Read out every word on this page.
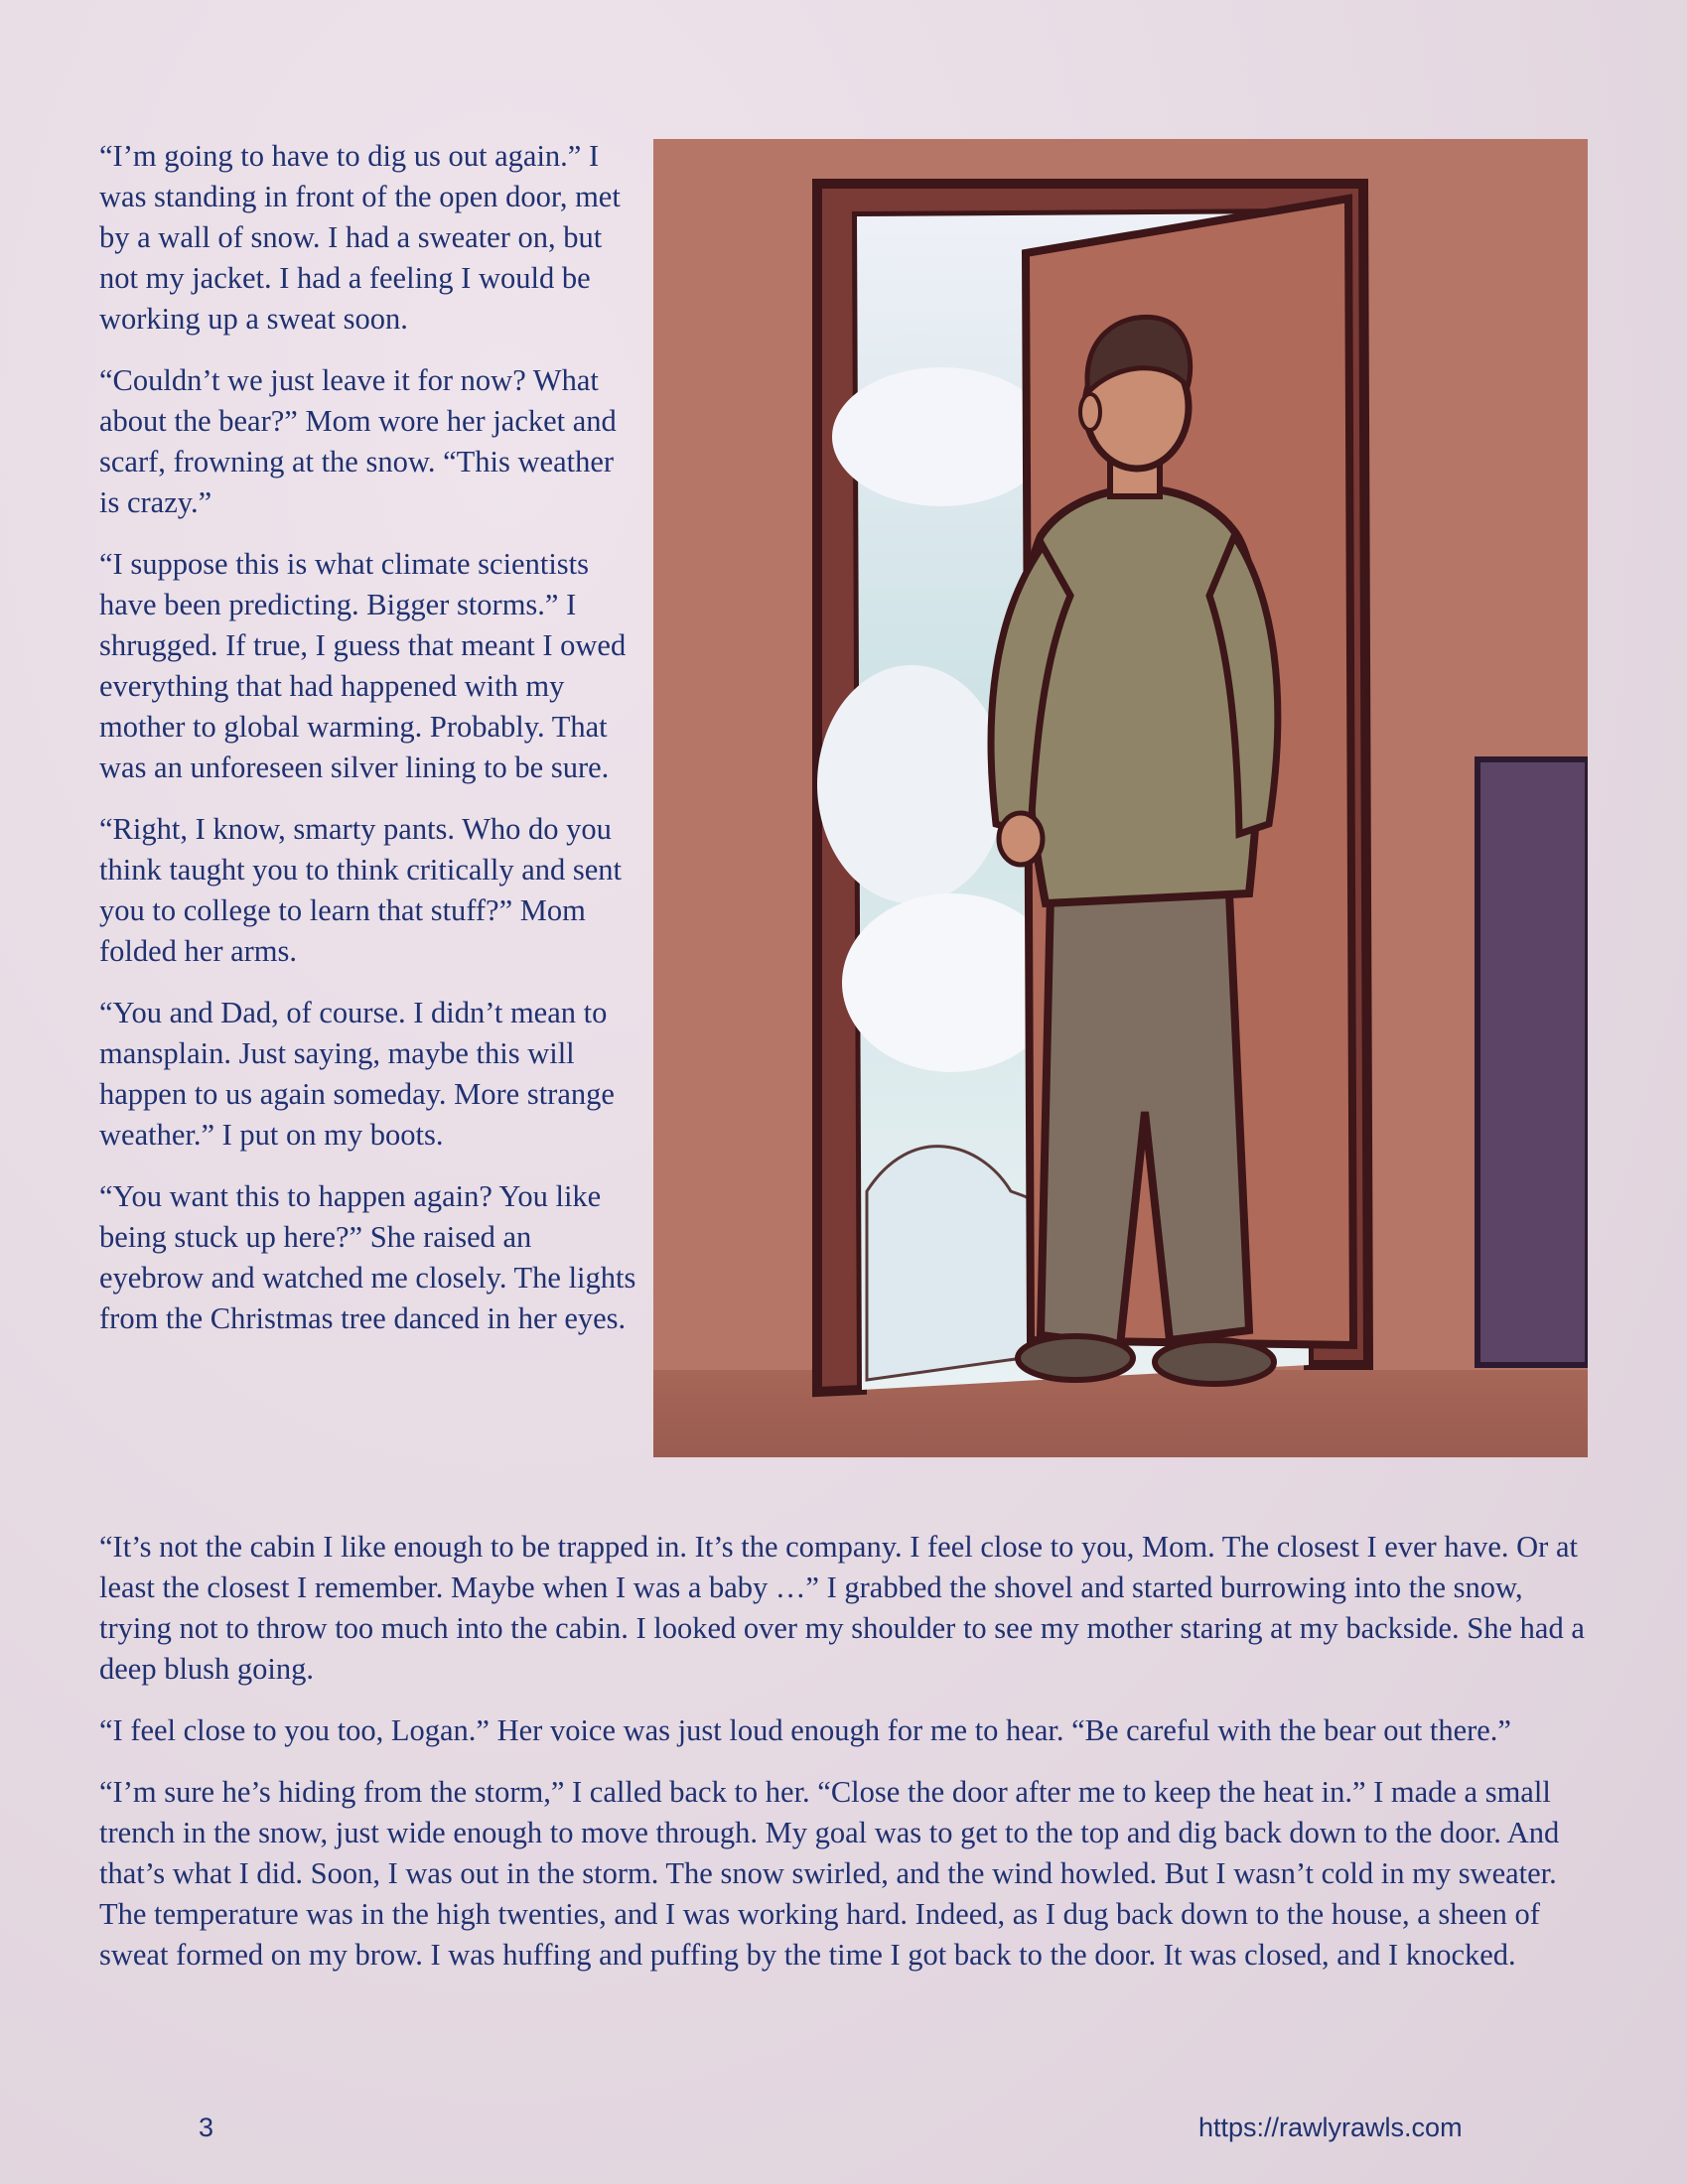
“I’m going to have to dig us out again.” I was standing in front of the open door, met by a wall of snow. I had a sweater on, but not my jacket. I had a feeling I would be working up a sweat soon.

“Couldn’t we just leave it for now? What about the bear?” Mom wore her jacket and scarf, frowning at the snow. “This weather is crazy.”

“I suppose this is what climate scientists have been predicting. Bigger storms.” I shrugged. If true, I guess that meant I owed everything that had happened with my mother to global warming. Probably. That was an unforeseen silver lining to be sure.

“Right, I know, smarty pants. Who do you think taught you to think critically and sent you to college to learn that stuff?” Mom folded her arms.

“You and Dad, of course. I didn’t mean to mansplain. Just saying, maybe this will happen to us again someday. More strange weather.” I put on my boots.

“You want this to happen again? You like being stuck up here?” She raised an eyebrow and watched me closely. The lights from the Christmas tree danced in her eyes.

“It’s not the cabin I like enough to be trapped in. It’s the company. I feel close to you, Mom. The closest I ever have. Or at least the closest I remember. Maybe when I was a baby …” I grabbed the shovel and started burrowing into the snow, trying not to throw too much into the cabin. I looked over my shoulder to see my mother staring at my backside. She had a deep blush going.

“I feel close to you too, Logan.” Her voice was just loud enough for me to hear. “Be careful with the bear out there.”

“I’m sure he’s hiding from the storm,” I called back to her. “Close the door after me to keep the heat in.” I made a small trench in the snow, just wide enough to move through. My goal was to get to the top and dig back down to the door. And that’s what I did. Soon, I was out in the storm. The snow swirled, and the wind howled. But I wasn’t cold in my sweater. The temperature was in the high twenties, and I was working hard. Indeed, as I dug back down to the house, a sheen of sweat formed on my brow. I was huffing and puffing by the time I got back to the door. It was closed, and I knocked.

3	https://rawlyrawls.com
